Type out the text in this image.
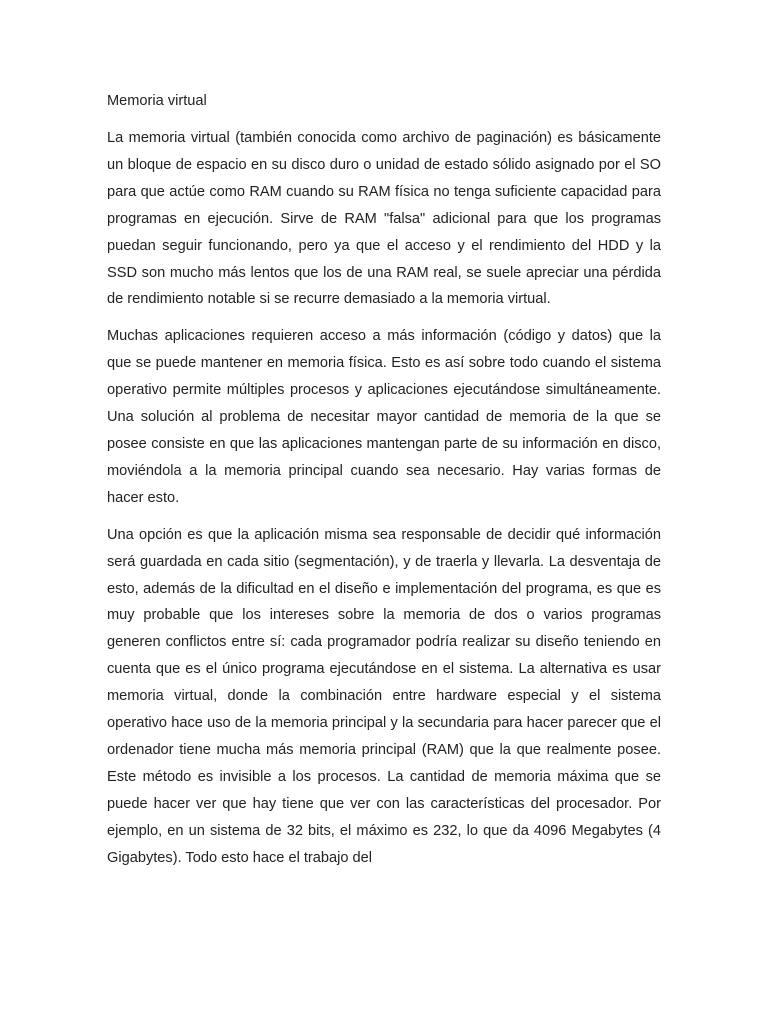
Memoria virtual

La memoria virtual (también conocida como archivo de paginación) es básicamente un bloque de espacio en su disco duro o unidad de estado sólido asignado por el SO para que actúe como RAM cuando su RAM física no tenga suficiente capacidad para programas en ejecución. Sirve de RAM "falsa" adicional para que los programas puedan seguir funcionando, pero ya que el acceso y el rendimiento del HDD y la SSD son mucho más lentos que los de una RAM real, se suele apreciar una pérdida de rendimiento notable si se recurre demasiado a la memoria virtual.

Muchas aplicaciones requieren acceso a más información (código y datos) que la que se puede mantener en memoria física. Esto es así sobre todo cuando el sistema operativo permite múltiples procesos y aplicaciones ejecutándose simultáneamente. Una solución al problema de necesitar mayor cantidad de memoria de la que se posee consiste en que las aplicaciones mantengan parte de su información en disco, moviéndola a la memoria principal cuando sea necesario. Hay varias formas de hacer esto.

Una opción es que la aplicación misma sea responsable de decidir qué información será guardada en cada sitio (segmentación), y de traerla y llevarla. La desventaja de esto, además de la dificultad en el diseño e implementación del programa, es que es muy probable que los intereses sobre la memoria de dos o varios programas generen conflictos entre sí: cada programador podría realizar su diseño teniendo en cuenta que es el único programa ejecutándose en el sistema. La alternativa es usar memoria virtual, donde la combinación entre hardware especial y el sistema operativo hace uso de la memoria principal y la secundaria para hacer parecer que el ordenador tiene mucha más memoria principal (RAM) que la que realmente posee. Este método es invisible a los procesos. La cantidad de memoria máxima que se puede hacer ver que hay tiene que ver con las características del procesador. Por ejemplo, en un sistema de 32 bits, el máximo es 232, lo que da 4096 Megabytes (4 Gigabytes). Todo esto hace el trabajo del
